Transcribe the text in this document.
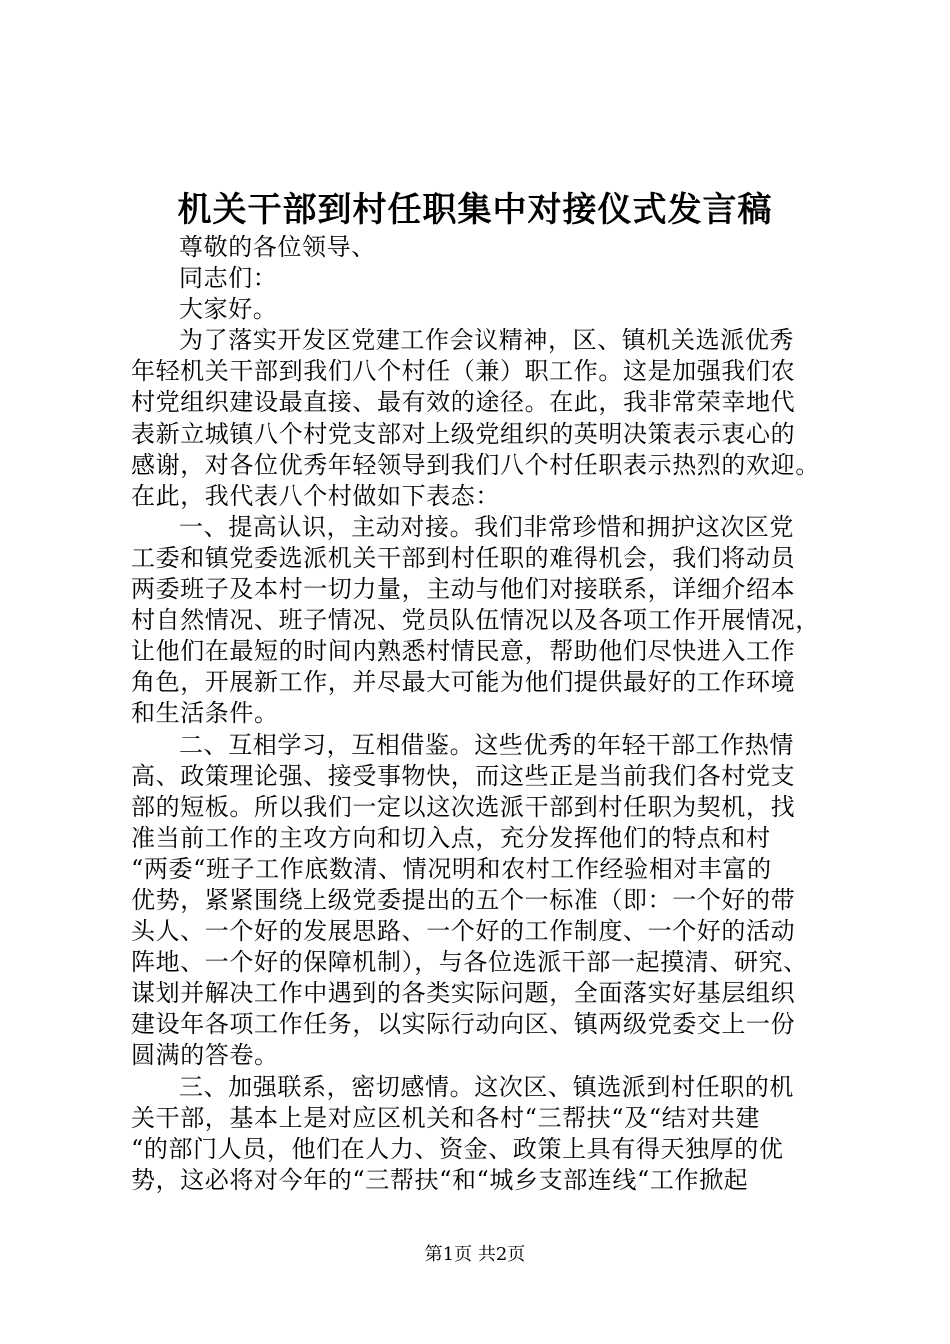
机关干部到村任职集中对接仪式发言稿
尊敬的各位领导、
同志们：
大家好。
为了落实开发区党建工作会议精神，区、镇机关选派优秀
年轻机关干部到我们八个村任（兼）职工作。这是加强我们农
村党组织建设最直接、最有效的途径。在此，我非常荣幸地代
表新立城镇八个村党支部对上级党组织的英明决策表示衷心的
感谢，对各位优秀年轻领导到我们八个村任职表示热烈的欢迎。
在此，我代表八个村做如下表态：
一、提高认识，主动对接。我们非常珍惜和拥护这次区党
工委和镇党委选派机关干部到村任职的难得机会，我们将动员
两委班子及本村一切力量，主动与他们对接联系，详细介绍本
村自然情况、班子情况、党员队伍情况以及各项工作开展情况，
让他们在最短的时间内熟悉村情民意，帮助他们尽快进入工作
角色，开展新工作，并尽最大可能为他们提供最好的工作环境
和生活条件。
二、互相学习，互相借鉴。这些优秀的年轻干部工作热情
高、政策理论强、接受事物快，而这些正是当前我们各村党支
部的短板。所以我们一定以这次选派干部到村任职为契机，找
准当前工作的主攻方向和切入点，充分发挥他们的特点和村
“两委“班子工作底数清、情况明和农村工作经验相对丰富的
优势，紧紧围绕上级党委提出的五个一标准（即：一个好的带
头人、一个好的发展思路、一个好的工作制度、一个好的活动
阵地、一个好的保障机制），与各位选派干部一起摸清、研究、
谋划并解决工作中遇到的各类实际问题，全面落实好基层组织
建设年各项工作任务，以实际行动向区、镇两级党委交上一份
圆满的答卷。
三、加强联系，密切感情。这次区、镇选派到村任职的机
关干部，基本上是对应区机关和各村“三帮扶“及“结对共建
“的部门人员，他们在人力、资金、政策上具有得天独厚的优
势，这必将对今年的“三帮扶“和“城乡支部连线“工作掀起
第1页 共2页
